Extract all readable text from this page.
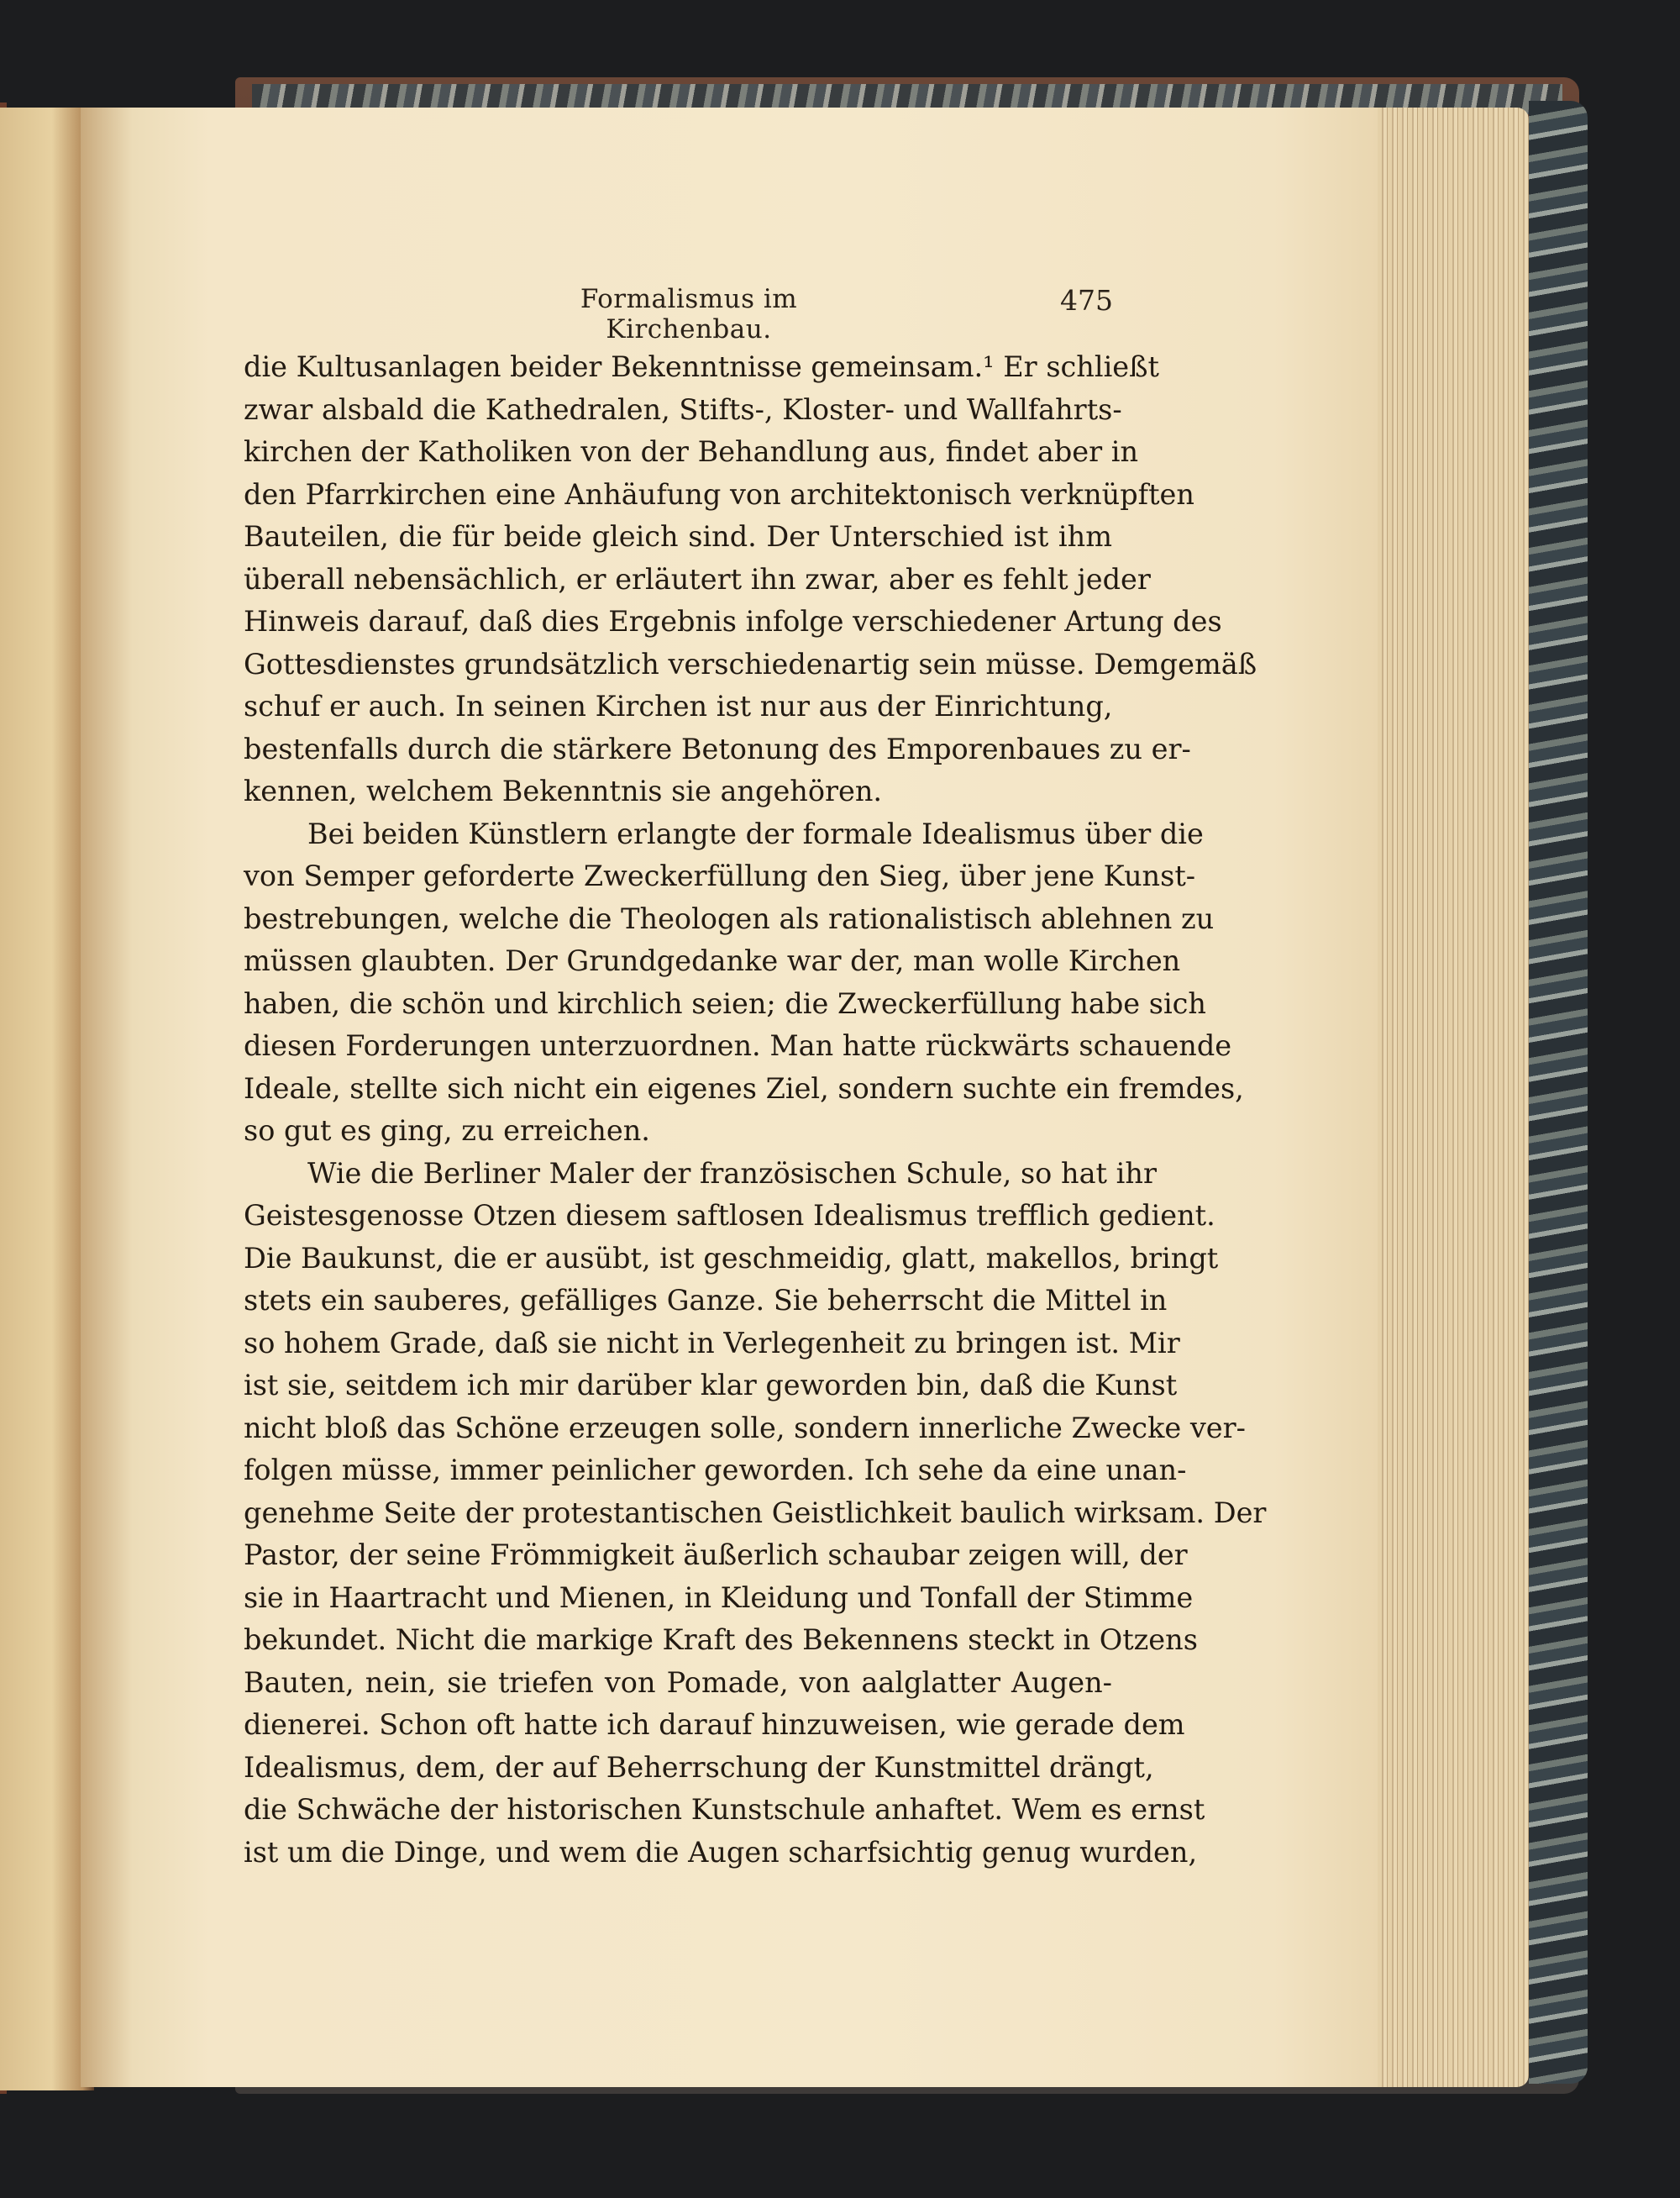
Formalismus im Kirchenbau.
475
die Kultusanlagen beider Bekenntnisse gemeinsam.¹ Er schließt
zwar alsbald die Kathedralen, Stifts-, Kloster- und Wallfahrts-
kirchen der Katholiken von der Behandlung aus, findet aber in
den Pfarrkirchen eine Anhäufung von architektonisch verknüpften
Bauteilen, die für beide gleich sind. Der Unterschied ist ihm
überall nebensächlich, er erläutert ihn zwar, aber es fehlt jeder
Hinweis darauf, daß dies Ergebnis infolge verschiedener Artung des
Gottesdienstes grundsätzlich verschiedenartig sein müsse. Demgemäß
schuf er auch. In seinen Kirchen ist nur aus der Einrichtung,
bestenfalls durch die stärkere Betonung des Emporenbaues zu er-
kennen, welchem Bekenntnis sie angehören.
Bei beiden Künstlern erlangte der formale Idealismus über die
von Semper geforderte Zweckerfüllung den Sieg, über jene Kunst-
bestrebungen, welche die Theologen als rationalistisch ablehnen zu
müssen glaubten. Der Grundgedanke war der, man wolle Kirchen
haben, die schön und kirchlich seien; die Zweckerfüllung habe sich
diesen Forderungen unterzuordnen. Man hatte rückwärts schauende
Ideale, stellte sich nicht ein eigenes Ziel, sondern suchte ein fremdes,
so gut es ging, zu erreichen.
Wie die Berliner Maler der französischen Schule, so hat ihr
Geistesgenosse Otzen diesem saftlosen Idealismus trefflich gedient.
Die Baukunst, die er ausübt, ist geschmeidig, glatt, makellos, bringt
stets ein sauberes, gefälliges Ganze. Sie beherrscht die Mittel in
so hohem Grade, daß sie nicht in Verlegenheit zu bringen ist. Mir
ist sie, seitdem ich mir darüber klar geworden bin, daß die Kunst
nicht bloß das Schöne erzeugen solle, sondern innerliche Zwecke ver-
folgen müsse, immer peinlicher geworden. Ich sehe da eine unan-
genehme Seite der protestantischen Geistlichkeit baulich wirksam. Der
Pastor, der seine Frömmigkeit äußerlich schaubar zeigen will, der
sie in Haartracht und Mienen, in Kleidung und Tonfall der Stimme
bekundet. Nicht die markige Kraft des Bekennens steckt in Otzens
Bauten, nein, sie triefen von Pomade, von aalglatter Augen-
dienerei. Schon oft hatte ich darauf hinzuweisen, wie gerade dem
Idealismus, dem, der auf Beherrschung der Kunstmittel drängt,
die Schwäche der historischen Kunstschule anhaftet. Wem es ernst
ist um die Dinge, und wem die Augen scharfsichtig genug wurden,
